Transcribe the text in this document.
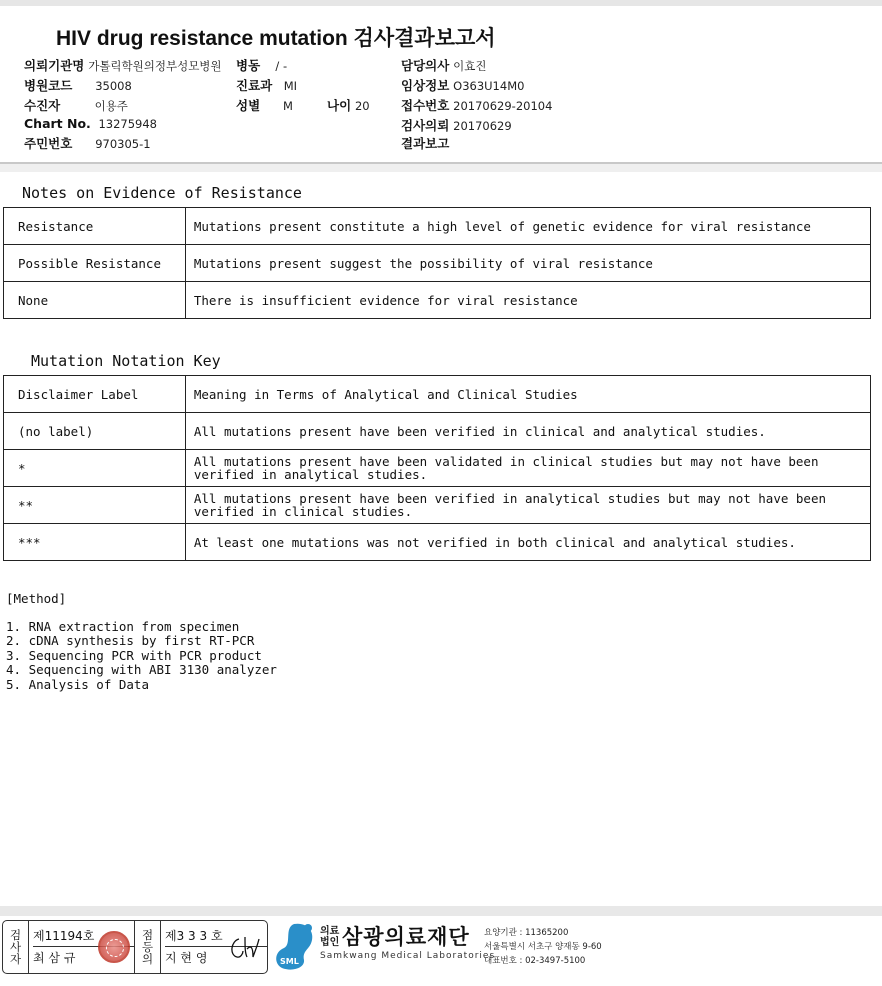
HIV drug resistance mutation 검사결과보고서
의뢰기관명 가톨릭학원의정부성모병원 병동 / -	담당의사 이효진
병원코드 35008	진료과 MI	임상정보 O363U14M0
수진자	이용주	성별 M	나이 20	접수번호 20170629-20104
Chart No. 13275948	검사의뢰 20170629
주민번호 970305-1	결과보고
Notes on Evidence of Resistance
Resistance	Mutations present constitute a high level of genetic evidence for viral resistance
Possible Resistance	Mutations present suggest the possibility of viral resistance
None	There is insufficient evidence for viral resistance
Mutation Notation Key
Disclaimer Label	Meaning in Terms of Analytical and Clinical Studies
(no label)	All mutations present have been verified in clinical and analytical studies.
*	All mutations present have been validated in clinical studies but may not have been verified in analytical studies.
**	All mutations present have been verified in analytical studies but may not have been verified in clinical studies.
***	At least one mutations was not verified in both clinical and analytical studies.
[Method]
1. RNA extraction from specimen
2. cDNA synthesis by first RT-PCR
3. Sequencing PCR with PCR product
4. Sequencing with ABI 3130 analyzer
5. Analysis of Data
검
사
자
제11194호
최 삼 규
점
등
의
제3 3 3 호
지 현 영	SML
의료
법인 삼광의료재단
Samkwang Medical Laboratories
요양기관 : 11365200
서울특별시 서초구 양재동 9-60
대표번호 : 02-3497-5100
